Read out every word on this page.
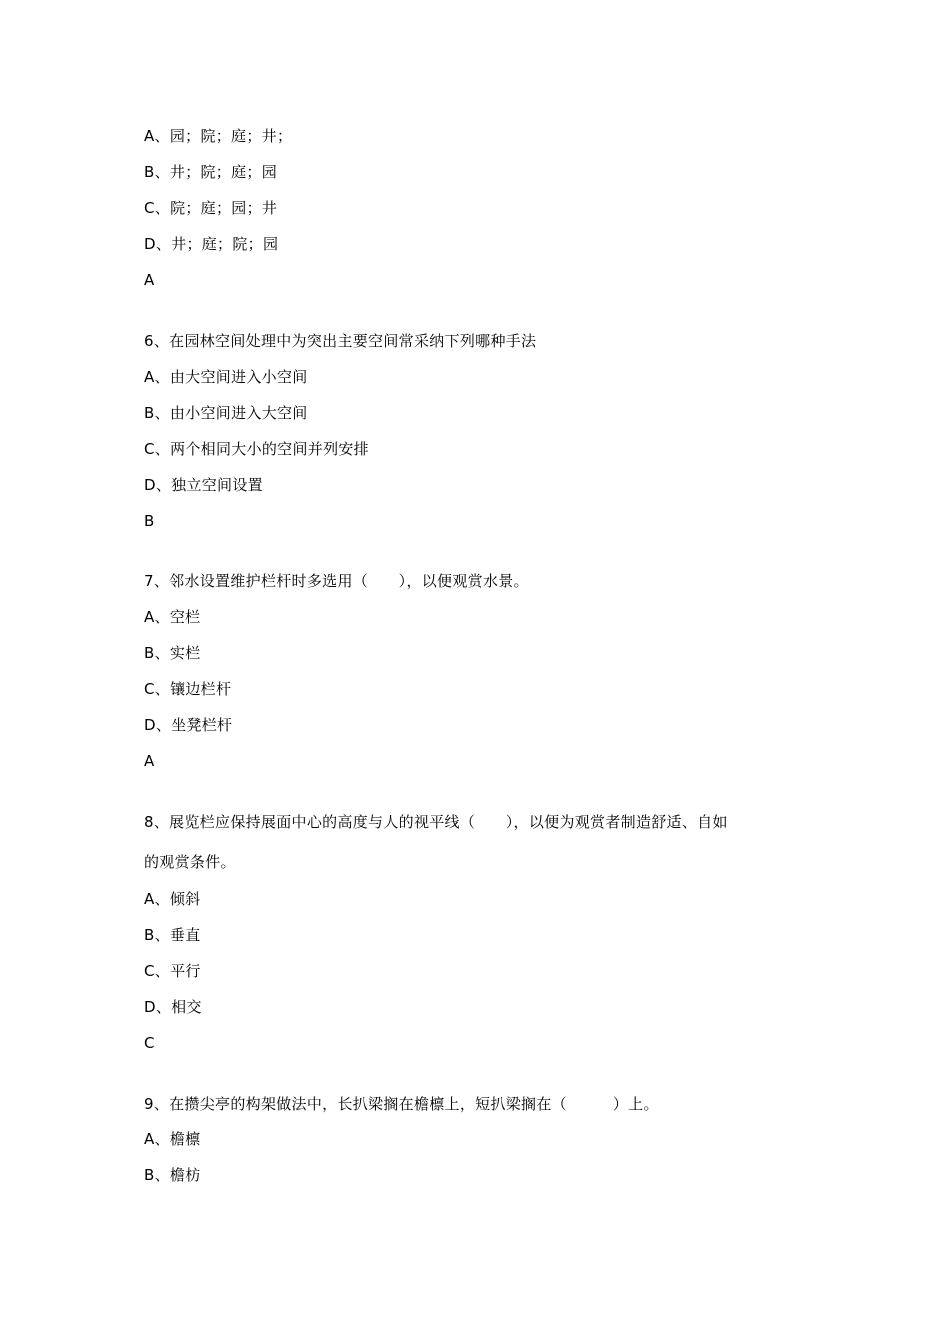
A、园；院；庭；井；
B、井；院；庭；园
C、院；庭；园；井
D、井；庭；院；园
A
6、在园林空间处理中为突出主要空间常采纳下列哪种手法
A、由大空间进入小空间
B、由小空间进入大空间
C、两个相同大小的空间并列安排
D、独立空间设置
B
7、邻水设置维护栏杆时多选用（　　），以便观赏水景。
A、空栏
B、实栏
C、镶边栏杆
D、坐凳栏杆
A
8、展览栏应保持展面中心的高度与人的视平线（　　），以便为观赏者制造舒适、自如
的观赏条件。
A、倾斜
B、垂直
C、平行
D、相交
C
9、在攒尖亭的构架做法中，长扒梁搁在檐檩上，短扒梁搁在（　　　）上。
A、檐檩
B、檐枋
